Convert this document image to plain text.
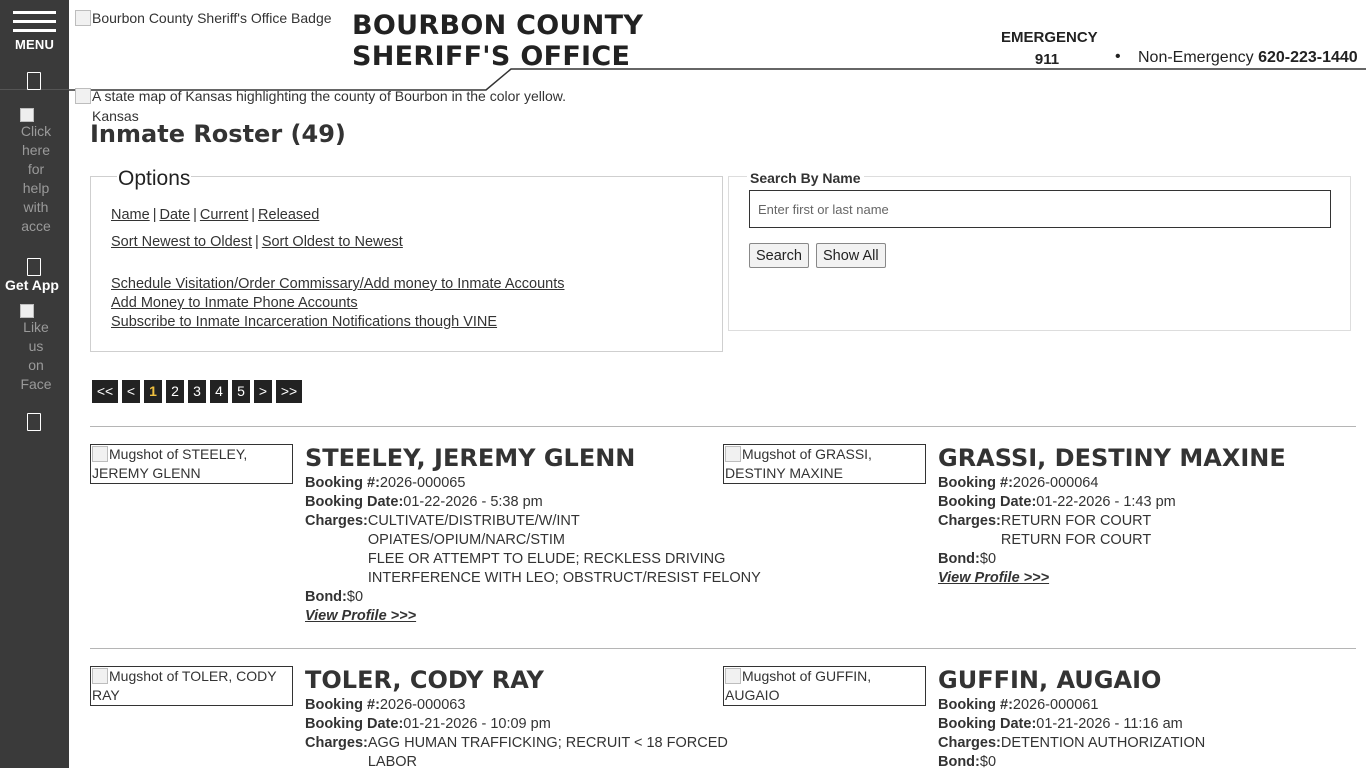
MENU
Click here for help with acce
Get App
Like us on Face
Bourbon County Sheriff's Office Badge BOURBON COUNTY
SHERIFF'S OFFICE
EMERGENCY
911	• Non-Emergency 620-223-1440
A state map of Kansas highlighting the county of Bourbon in the color yellow.
Kansas
Inmate Roster (49)
Options
Name | Date | Current | Released
Sort Newest to Oldest | Sort Oldest to Newest
Schedule Visitation/Order Commissary/Add money to Inmate Accounts
Add Money to Inmate Phone Accounts
Subscribe to Inmate Incarceration Notifications though VINE
Search By Name
Enter first or last name
Search	Show All
<< <	1	2	3	4	5	> >>
Mugshot of STEELEY, JEREMY GLENN
STEELEY, JEREMY GLENN
Booking #:2026-000065
Booking Date:01-22-2026 - 5:38 pm
Charges: CULTIVATE/DISTRIBUTE/W/INT
OPIATES/OPIUM/NARC/STIM
FLEE OR ATTEMPT TO ELUDE; RECKLESS DRIVING
INTERFERENCE WITH LEO; OBSTRUCT/RESIST FELONY
Bond:$0
View Profile >>>
Mugshot of GRASSI, DESTINY MAXINE
GRASSI, DESTINY MAXINE
Booking #:2026-000064
Booking Date:01-22-2026 - 1:43 pm
Charges: RETURN FOR COURT
RETURN FOR COURT
Bond:$0
View Profile >>>
Mugshot of TOLER, CODY RAY
TOLER, CODY RAY
Booking #:2026-000063
Booking Date:01-21-2026 - 10:09 pm
Charges: AGG HUMAN TRAFFICKING; RECRUIT < 18 FORCED
LABOR
Mugshot of GUFFIN, AUGAIO
GUFFIN, AUGAIO
Booking #:2026-000061
Booking Date:01-21-2026 - 11:16 am
Charges: DETENTION AUTHORIZATION
Bond:$0
